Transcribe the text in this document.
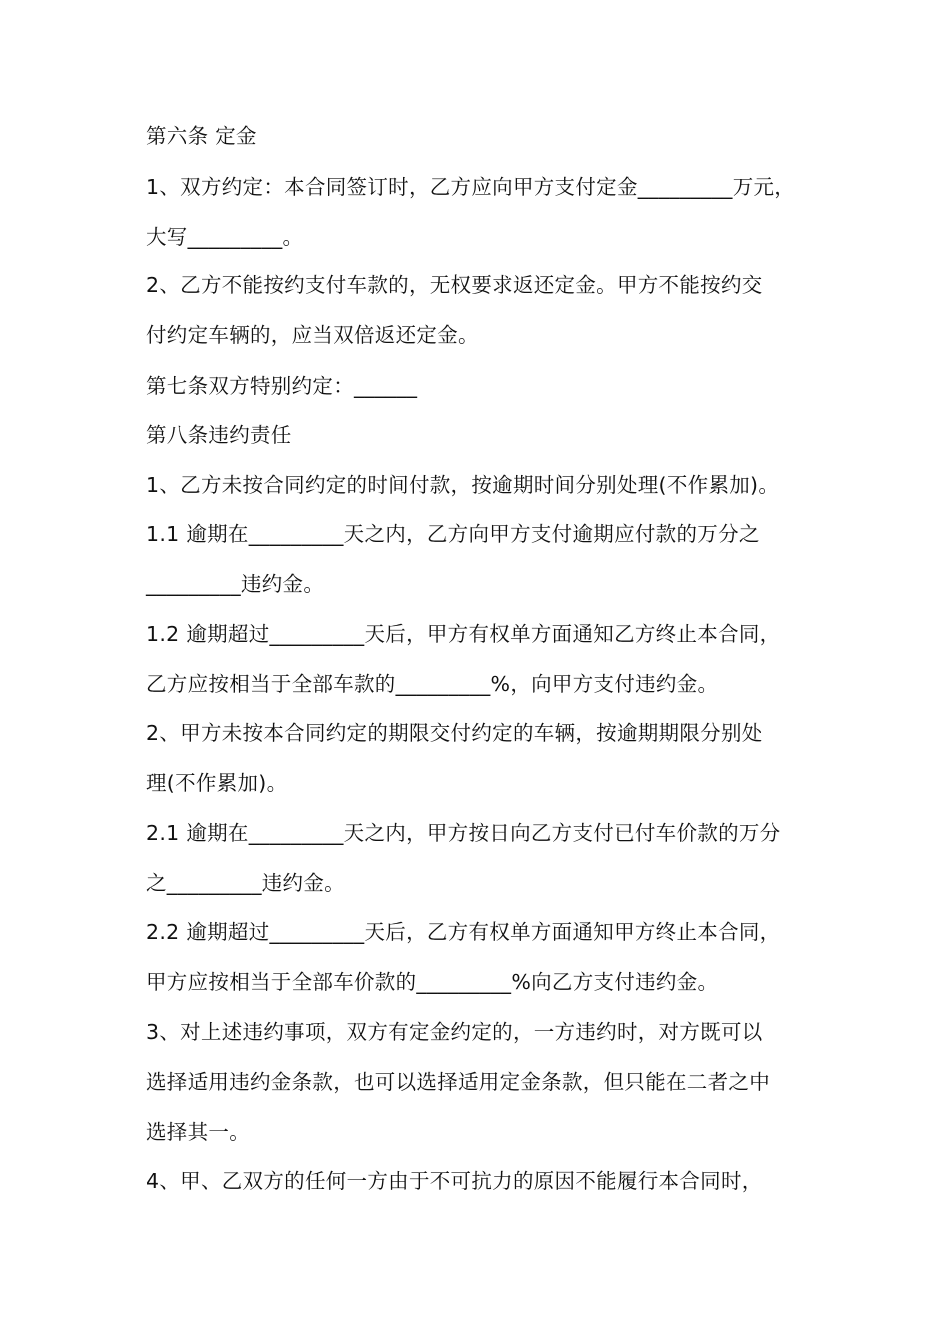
第六条 定金
1、双方约定：本合同签订时，乙方应向甲方支付定金_________万元，
大写_________。
2、乙方不能按约支付车款的，无权要求返还定金。甲方不能按约交
付约定车辆的，应当双倍返还定金。
第七条双方特别约定：______
第八条违约责任
1、乙方未按合同约定的时间付款，按逾期时间分别处理(不作累加)。
1.1 逾期在_________天之内，乙方向甲方支付逾期应付款的万分之
_________违约金。
1.2 逾期超过_________天后，甲方有权单方面通知乙方终止本合同，
乙方应按相当于全部车款的_________%，向甲方支付违约金。
2、甲方未按本合同约定的期限交付约定的车辆，按逾期期限分别处
理(不作累加)。
2.1 逾期在_________天之内，甲方按日向乙方支付已付车价款的万分
之_________违约金。
2.2 逾期超过_________天后，乙方有权单方面通知甲方终止本合同，
甲方应按相当于全部车价款的_________%向乙方支付违约金。
3、对上述违约事项，双方有定金约定的，一方违约时，对方既可以
选择适用违约金条款，也可以选择适用定金条款，但只能在二者之中
选择其一。
4、甲、乙双方的任何一方由于不可抗力的原因不能履行本合同时，
